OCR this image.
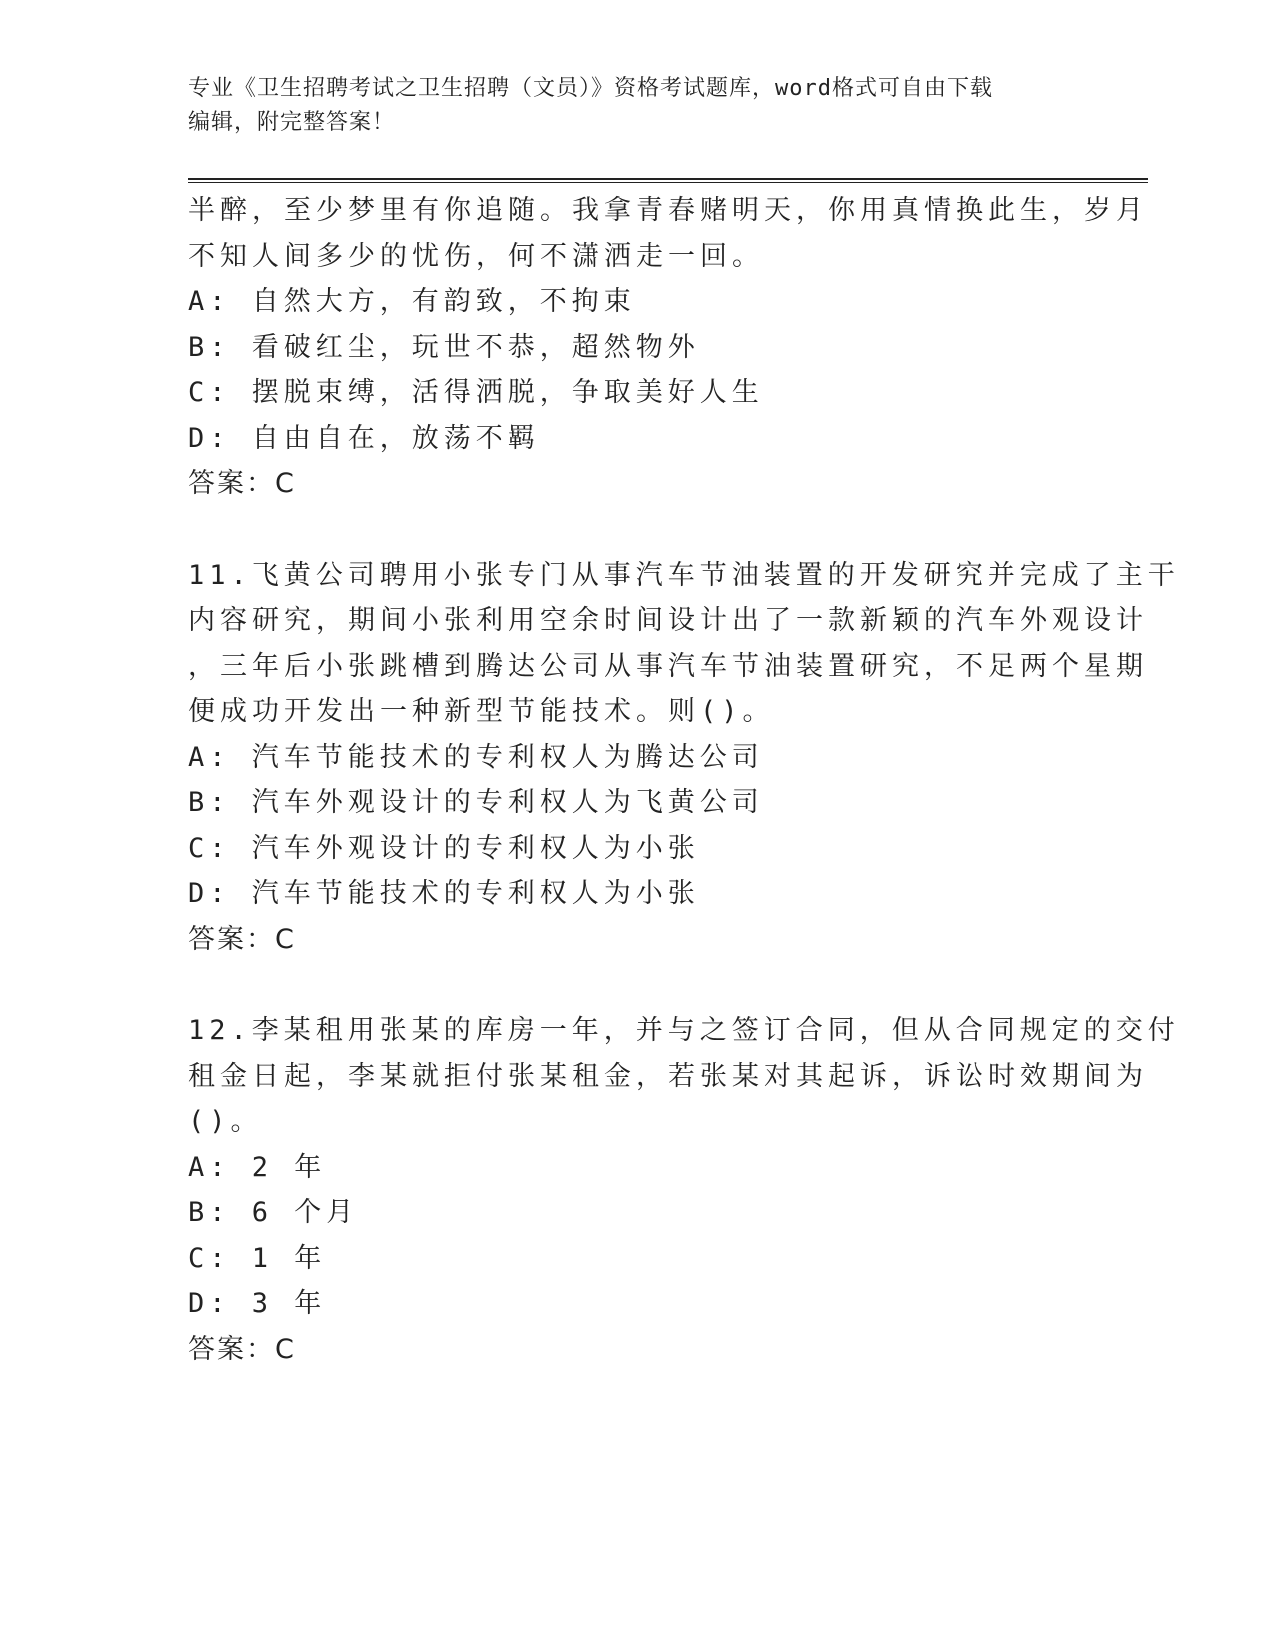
专业《卫生招聘考试之卫生招聘（文员）》资格考试题库，word格式可自由下载
编辑，附完整答案！
半醉，至少梦里有你追随。我拿青春赌明天，你用真情换此生，岁月
不知人间多少的忧伤，何不潇洒走一回。
A: 自然大方，有韵致，不拘束
B: 看破红尘，玩世不恭，超然物外
C: 摆脱束缚，活得洒脱，争取美好人生
D: 自由自在，放荡不羁
答案：C
11.飞黄公司聘用小张专门从事汽车节油装置的开发研究并完成了主干
内容研究，期间小张利用空余时间设计出了一款新颖的汽车外观设计
，三年后小张跳槽到腾达公司从事汽车节油装置研究，不足两个星期
便成功开发出一种新型节能技术。则()。
A: 汽车节能技术的专利权人为腾达公司
B: 汽车外观设计的专利权人为飞黄公司
C: 汽车外观设计的专利权人为小张
D: 汽车节能技术的专利权人为小张
答案：C
12.李某租用张某的库房一年，并与之签订合同，但从合同规定的交付
租金日起，李某就拒付张某租金，若张某对其起诉，诉讼时效期间为
()。
A: 2 年
B: 6 个月
C: 1 年
D: 3 年
答案：C
